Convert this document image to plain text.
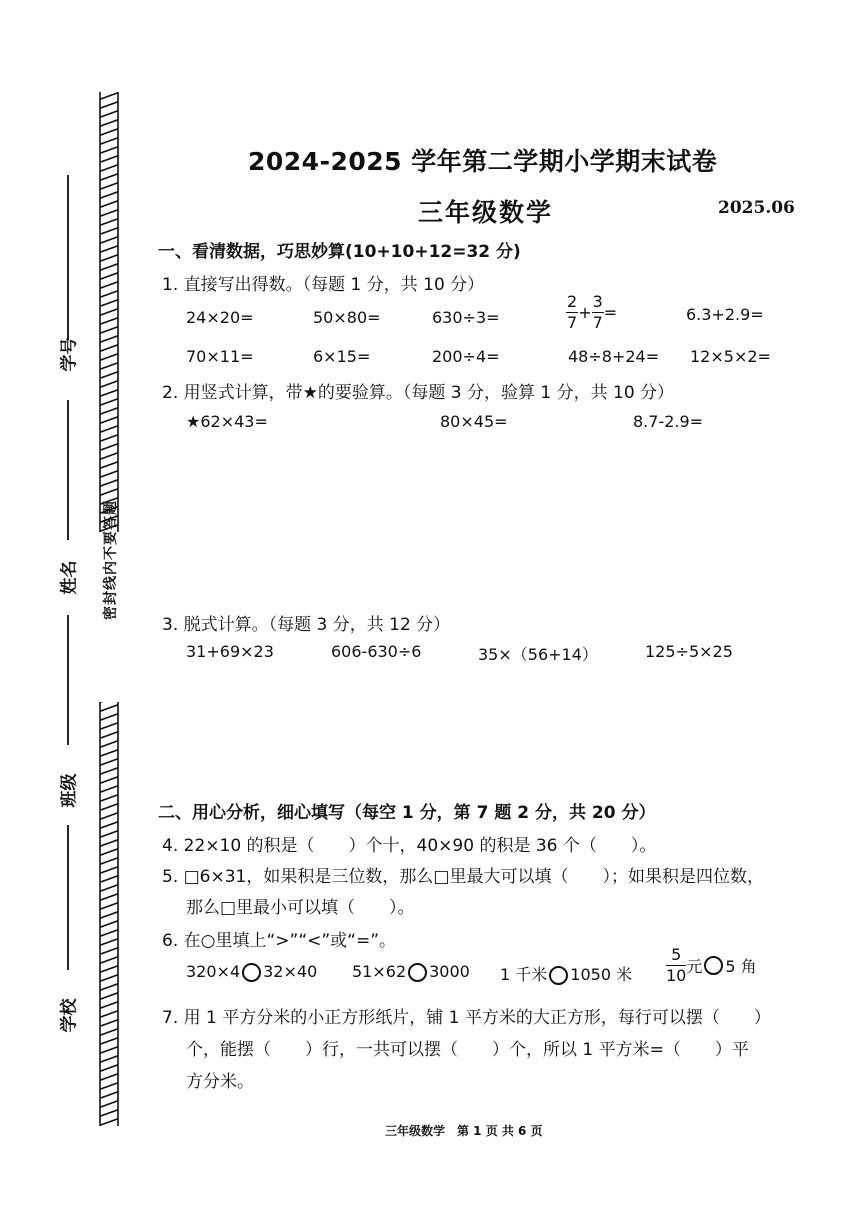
密封线内不要答题
学号
姓名
班级
学校
2024-2025 学年第二学期小学期末试卷
三年级数学	2025.06
一、看清数据，巧思妙算(10+10+12=32 分)
1. 直接写出得数。（每题 1 分，共 10 分）
24×20=	50×80=	630÷3=	$\frac{2}{7} + \frac{3}{7}$ =	6.3+2.9=
70×11=	6×15=	200÷4=	48÷8+24= 12×5×2=
2. 用竖式计算，带★的要验算。（每题 3 分，验算 1 分，共 10 分）
★62×43=	80×45=	8.7-2.9=
3. 脱式计算。（每题 3 分，共 12 分）
31+69×23	606-630÷6	35×（56+14）	125÷5×25
二、用心分析，细心填写（每空 1 分，第 7 题 2 分，共 20 分）
4. 22×10 的积是（　　）个十，40×90 的积是 36 个（　　）。
5. □6×31，如果积是三位数，那么□里最大可以填（　　）；如果积是四位数，
那么□里最小可以填（　　）。
6. 在○里填上“>”“<”或“=”。
320×4 32×40 51×62 3000 1 千米 1050 米 $\frac{5}{10}$ 元 5 角
7. 用 1 平方分米的小正方形纸片，铺 1 平方米的大正方形，每行可以摆（　　）
个，能摆（　　）行，一共可以摆（　　）个，所以 1 平方米=（　　）平
方分米。
三年级数学　第 1 页 共 6 页
